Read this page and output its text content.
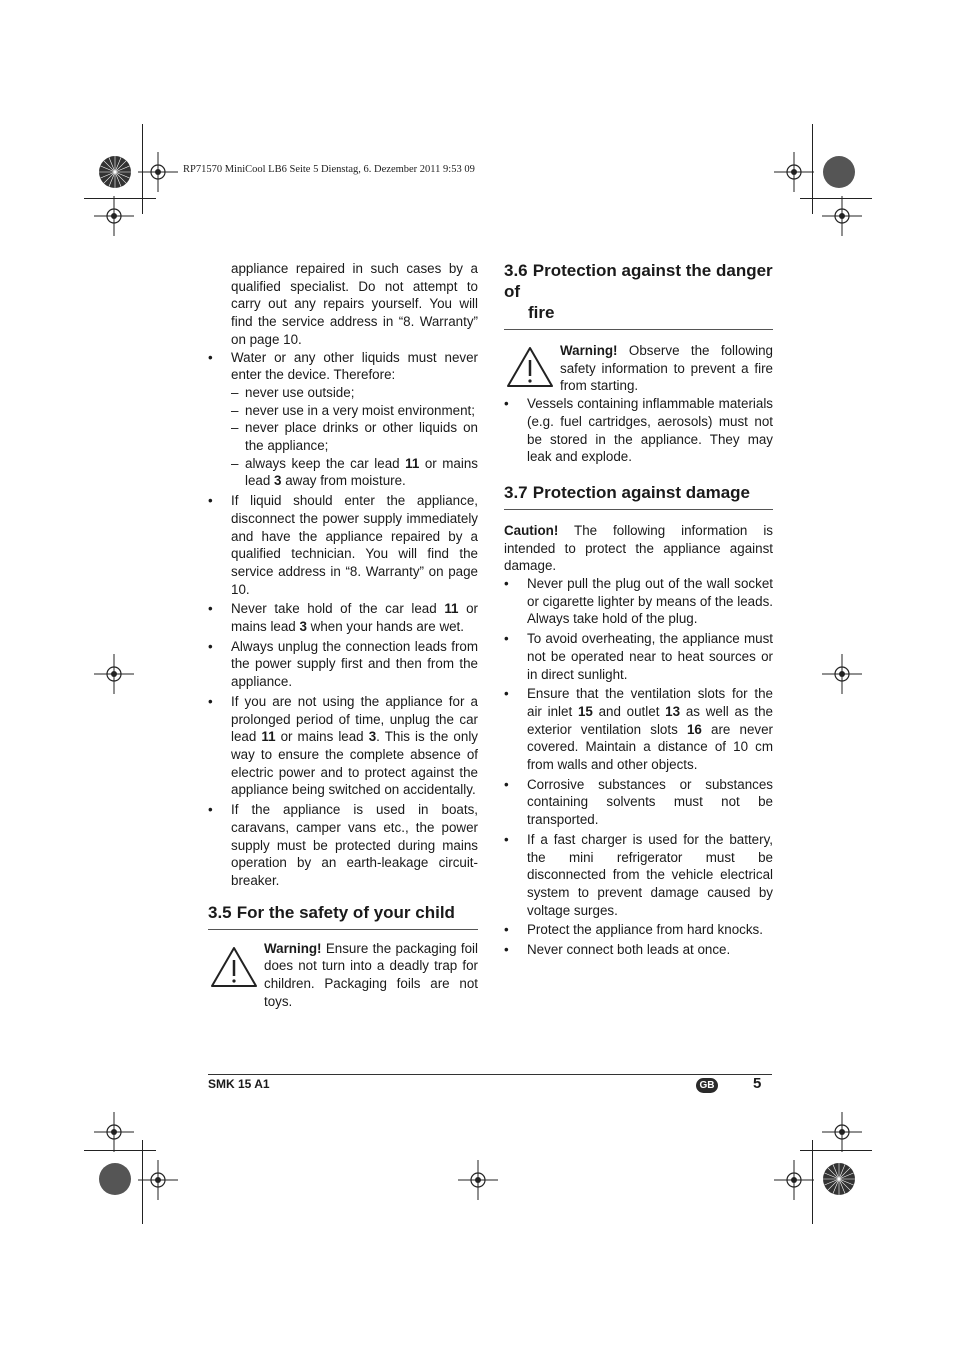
RP71570 MiniCool LB6 Seite 5 Dienstag, 6. Dezember 2011 9:53 09

appliance repaired in such cases by a qualified specialist. Do not attempt to carry out any repairs yourself. You will find the service address in “8. Warranty” on page 10.

• Water or any other liquids must never enter the device. Therefore:
– never use outside;
– never use in a very moist environment;
– never place drinks or other liquids on the appliance;
– always keep the car lead 11 or mains lead 3 away from moisture.
• If liquid should enter the appliance, disconnect the power supply immediately and have the appliance repaired by a qualified technician. You will find the service address in “8. Warranty” on page 10.
• Never take hold of the car lead 11 or mains lead 3 when your hands are wet.
• Always unplug the connection leads from the power supply first and then from the appliance.
• If you are not using the appliance for a prolonged period of time, unplug the car lead 11 or mains lead 3. This is the only way to ensure the complete absence of electric power and to protect against the appliance being switched on accidentally.
• If the appliance is used in boats, caravans, camper vans etc., the power supply must be protected during mains operation by an earth-leakage circuit-breaker.
3.5 For the safety of your child

Warning! Ensure the packaging foil does not turn into a deadly trap for children. Packaging foils are not toys.

3.6 Protection against the danger of
fire

Warning! Observe the following safety information to prevent a fire from starting.

• Vessels containing inflammable materials (e.g. fuel cartridges, aerosols) must not be stored in the appliance. They may leak and explode.
3.7 Protection against damage

Caution! The following information is intended to protect the appliance against damage.

• Never pull the plug out of the wall socket or cigarette lighter by means of the leads. Always take hold of the plug.
• To avoid overheating, the appliance must not be operated near to heat sources or in direct sunlight.
• Ensure that the ventilation slots for the air inlet 15 and outlet 13 as well as the exterior ventilation slots 16 are never covered. Maintain a distance of 10 cm from walls and other objects.
• Corrosive substances or substances containing solvents must not be transported.
• If a fast charger is used for the battery, the mini refrigerator must be disconnected from the vehicle electrical system to prevent damage caused by voltage surges.
• Protect the appliance from hard knocks.
• Never connect both leads at once.
SMK 15 A1	GB	5
